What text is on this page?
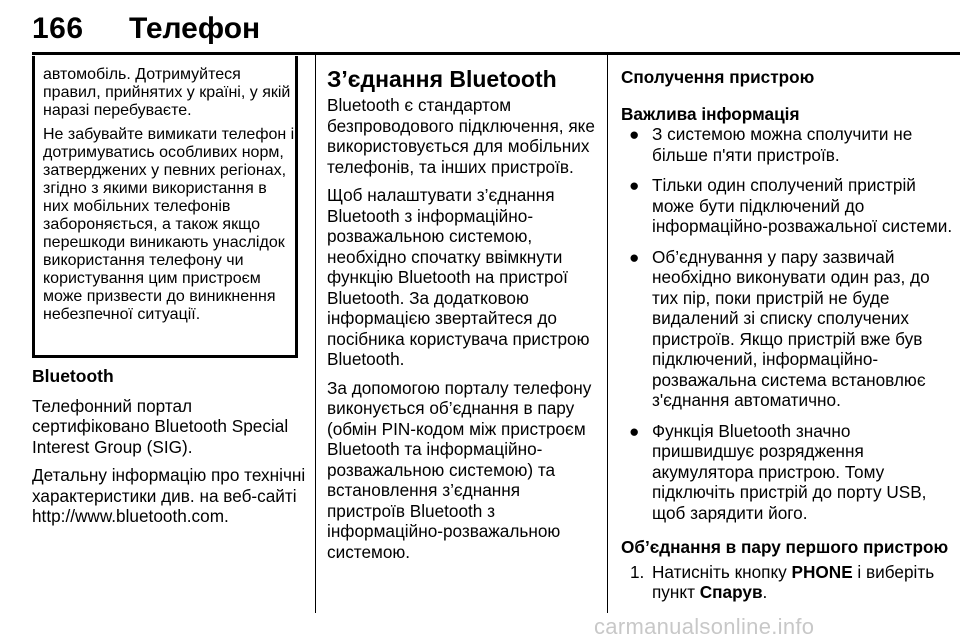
166 Телефон

автомобіль. Дотримуйтеся правил, прийнятих у країні, у якій наразі перебуваєте.

Не забувайте вимикати телефон і дотримуватись особливих норм, затверджених у певних регіонах, згідно з якими використання в них мобільних телефонів забороняється, а також якщо перешкоди виникають унаслідок використання телефону чи користування цим пристроєм може призвести до виникнення небезпечної ситуації.

Bluetooth

Телефонний портал сертифіковано Bluetooth Special Interest Group (SIG).

Детальну інформацію про технічні характеристики див. на веб-сайті http://www.bluetooth.com.

З’єднання Bluetooth

Bluetooth є стандартом безпроводового підключення, яке використовується для мобільних телефонів, та інших пристроїв.

Щоб налаштувати з’єднання Bluetooth з інформаційно-розважальною системою, необхідно спочатку ввімкнути функцію Bluetooth на пристрої Bluetooth. За додатковою інформацією звертайтеся до посібника користувача пристрою Bluetooth.

За допомогою порталу телефону виконується об’єднання в пару (обмін PIN-кодом між пристроєм Bluetooth та інформаційно-розважальною системою) та встановлення з’єднання пристроїв Bluetooth з інформаційно-розважальною системою.

Сполучення пристрою
Важлива інформація
● З системою можна сполучити не більше п'яти пристроїв.
● Тільки один сполучений пристрій може бути підключений до інформаційно-розважальної системи.
● Об’єднування у пару зазвичай необхідно виконувати один раз, до тих пір, поки пристрій не буде видалений зі списку сполучених пристроїв. Якщо пристрій вже був підключений, інформаційно-розважальна система встановлює з'єднання автоматично.
● Функція Bluetooth значно пришвидшує розрядження акумулятора пристрою. Тому підключіть пристрій до порту USB, щоб зарядити його.
Об’єднання в пару першого пристрою
1. Натисніть кнопку PHONE і виберіть пункт Спарув.
carmanualsonline.info
